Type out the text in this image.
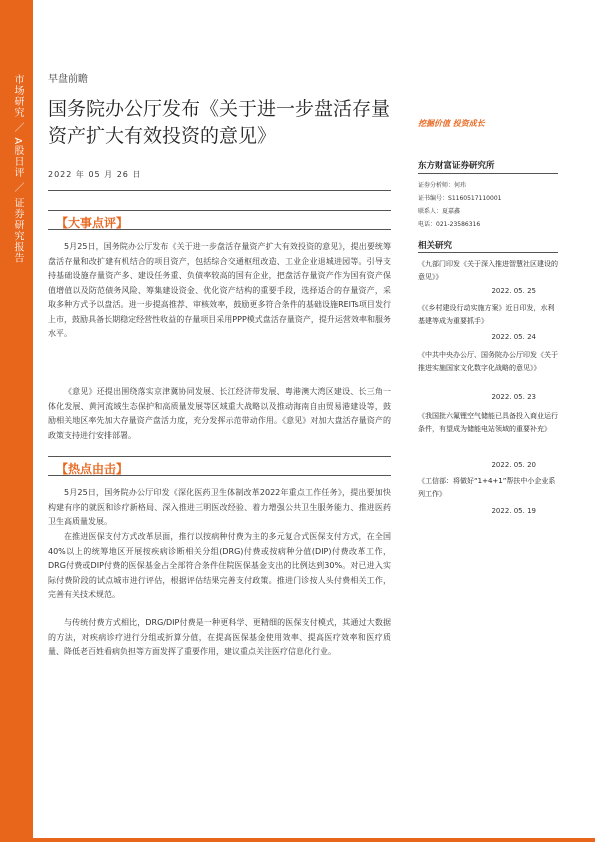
市场研究 ／ A股日评 ／ 证券研究报告	早盘前瞻
国务院办公厅发布《关于进一步盘活存量资产扩大有效投资的意见》
挖掘价值 投资成长
2022 年 05 月 26 日
【大事点评】
5月25日，国务院办公厅发布《关于进一步盘活存量资产扩大有效投资的意见》，提出要统筹盘活存量和改扩建有机结合的项目资产，包括综合交通枢纽改造、工业企业退城进园等。引导支持基础设施存量资产多、建设任务重、负债率较高的国有企业，把盘活存量资产作为国有资产保值增值以及防范债务风险、筹集建设资金、优化资产结构的重要手段，选择适合的存量资产，采取多种方式予以盘活。进一步提高推荐、审核效率，鼓励更多符合条件的基础设施REITs项目发行上市，鼓励具备长期稳定经营性收益的存量项目采用PPP模式盘活存量资产，提升运营效率和服务水平。
《意见》还提出围绕落实京津冀协同发展、长江经济带发展、粤港澳大湾区建设、长三角一体化发展、黄河流域生态保护和高质量发展等区域重大战略以及推动海南自由贸易港建设等，鼓励相关地区率先加大存量资产盘活力度，充分发挥示范带动作用。《意见》对加大盘活存量资产的政策支持进行安排部署。
【热点由击】
5月25日，国务院办公厅印发《深化医药卫生体制改革2022年重点工作任务》，提出要加快构建有序的就医和诊疗新格局、深入推进三明医改经验、着力增强公共卫生服务能力、推进医药卫生高质量发展。
在推进医保支付方式改革层面，推行以按病种付费为主的多元复合式医保支付方式，在全国40%以上的统筹地区开展按疾病诊断相关分组(DRG)付费或按病种分值(DIP)付费改革工作，DRG付费或DIP付费的医保基金占全部符合条件住院医保基金支出的比例达到30%。对已进入实际付费阶段的试点城市进行评估，根据评估结果完善支付政策。推进门诊按人头付费相关工作，完善有关技术规范。
与传统付费方式相比，DRG/DIP付费是一种更科学、更精细的医保支付模式，其通过大数据的方法，对疾病诊疗进行分组或折算分值，在提高医保基金使用效率、提高医疗效率和医疗质量、降低老百姓看病负担等方面发挥了重要作用，建议重点关注医疗信息化行业。
东方财富证券研究所
证券分析师：何玮
证书编号：S1160517110001
联系人：夏嘉鑫
电话：021-23586316
相关研究
《九部门印发《关于深入推进智慧社区建设的意见》》
2022. 05. 25
《《乡村建设行动实施方案》近日印发，水利基建等成为重要抓手》
2022. 05. 24
《中共中央办公厅、国务院办公厅印发《关于推进实施国家文化数字化战略的意见》》
2022. 05. 23
《我国批六氟锂空气储能已具备投入商业运行条件，有望成为储能电站领域的重要补充》
2022. 05. 20
《工信部：将做好“1+4+1”帮扶中小企业系列工作》
2022. 05. 19
